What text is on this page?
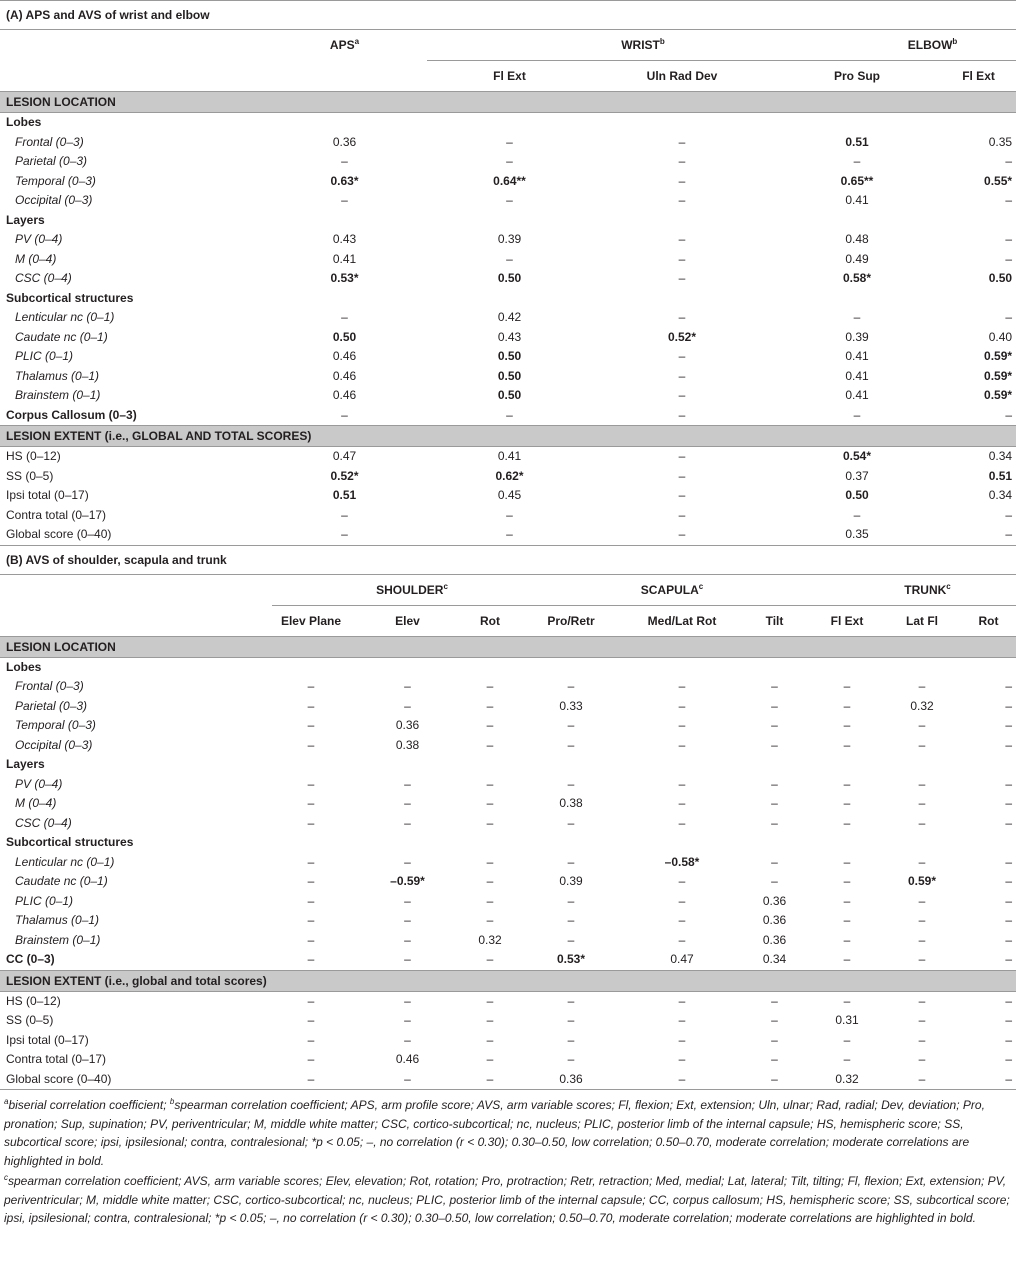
(A) APS and AVS of wrist and elbow					
	APS$^a$	WRIST$^b$		ELBOW$^b$
		Fl Ext	Uln Rad Dev	Pro Sup	Fl Ext
LESION LOCATION					
Lobes					
Frontal (0–3)	0.36	–	–	0.51	0.35
Parietal (0–3)	–	–	–	–	–
Temporal (0–3)	0.63*	0.64**	–	0.65**	0.55*
Occipital (0–3)	–	–	–	0.41	–
Layers					
PV (0–4)	0.43	0.39	–	0.48	–
M (0–4)	0.41	–	–	0.49	–
CSC (0–4)	0.53*	0.50	–	0.58*	0.50
Subcortical structures					
Lenticular nc (0–1)	–	0.42	–	–	–
Caudate nc (0–1)	0.50	0.43	0.52*	0.39	0.40
PLIC (0–1)	0.46	0.50	–	0.41	0.59*
Thalamus (0–1)	0.46	0.50	–	0.41	0.59*
Brainstem (0–1)	0.46	0.50	–	0.41	0.59*
Corpus Callosum (0–3)	–	–	–	–	–
LESION EXTENT (i.e., GLOBAL AND TOTAL SCORES)					
HS (0–12)	0.47	0.41	–	0.54*	0.34
SS (0–5)	0.52*	0.62*	–	0.37	0.51
Ipsi total (0–17)	0.51	0.45	–	0.50	0.34
Contra total (0–17)	–	–	–	–	–
Global score (0–40)	–	–	–	0.35	–
(B) AVS of shoulder, scapula and trunk									
	SHOULDER$^c$			SCAPULA$^c$			TRUNK$^c$
	Elev Plane	Elev	Rot	Pro/Retr	Med/Lat Rot	Tilt	Fl Ext	Lat Fl	Rot
LESION LOCATION									
Lobes									
Frontal (0–3)	–	–	–	–	–	–	–	–	–
Parietal (0–3)	–	–	–	0.33	–	–	–	0.32	–
Temporal (0–3)	–	0.36	–	–	–	–	–	–	–
Occipital (0–3)	–	0.38	–	–	–	–	–	–	–
Layers									
PV (0–4)	–	–	–	–	–	–	–	–	–
M (0–4)	–	–	–	0.38	–	–	–	–	–
CSC (0–4)	–	–	–	–	–	–	–	–	–
Subcortical structures									
Lenticular nc (0–1)	–	–	–	–	–0.58*	–	–	–	–
Caudate nc (0–1)	–	–0.59*	–	0.39	–	–	–	0.59*	–
PLIC (0–1)	–	–	–	–	–	0.36	–	–	–
Thalamus (0–1)	–	–	–	–	–	0.36	–	–	–
Brainstem (0–1)	–	–	0.32	–	–	0.36	–	–	–
CC (0–3)	–	–	–	0.53*	0.47	0.34	–	–	–
LESION EXTENT (i.e., global and total scores)									
HS (0–12)	–	–	–	–	–	–	–	–	–
SS (0–5)	–	–	–	–	–	–	0.31	–	–
Ipsi total (0–17)	–	–	–	–	–	–	–	–	–
Contra total (0–17)	–	0.46	–	–	–	–	–	–	–
Global score (0–40)	–	–	–	0.36	–	–	0.32	–	–

$^a$biserial correlation coefficient; $^b$spearman correlation coefficient; APS, arm profile score; AVS, arm variable scores; Fl, flexion; Ext, extension; Uln, ulnar; Rad, radial; Dev, deviation; Pro, pronation; Sup, supination; PV, periventricular; M, middle white matter; CSC, cortico-subcortical; nc, nucleus; PLIC, posterior limb of the internal capsule; HS, hemispheric score; SS, subcortical score; ipsi, ipsilesional; contra, contralesional; *p < 0.05; –, no correlation (r < 0.30); 0.30–0.50, low correlation; 0.50–0.70, moderate correlation; moderate correlations are highlighted in bold.

$^c$spearman correlation coefficient; AVS, arm variable scores; Elev, elevation; Rot, rotation; Pro, protraction; Retr, retraction; Med, medial; Lat, lateral; Tilt, tilting; Fl, flexion; Ext, extension; PV, periventricular; M, middle white matter; CSC, cortico-subcortical; nc, nucleus; PLIC, posterior limb of the internal capsule; CC, corpus callosum; HS, hemispheric score; SS, subcortical score; ipsi, ipsilesional; contra, contralesional; *p < 0.05; –, no correlation (r < 0.30); 0.30–0.50, low correlation; 0.50–0.70, moderate correlation; moderate correlations are highlighted in bold.
